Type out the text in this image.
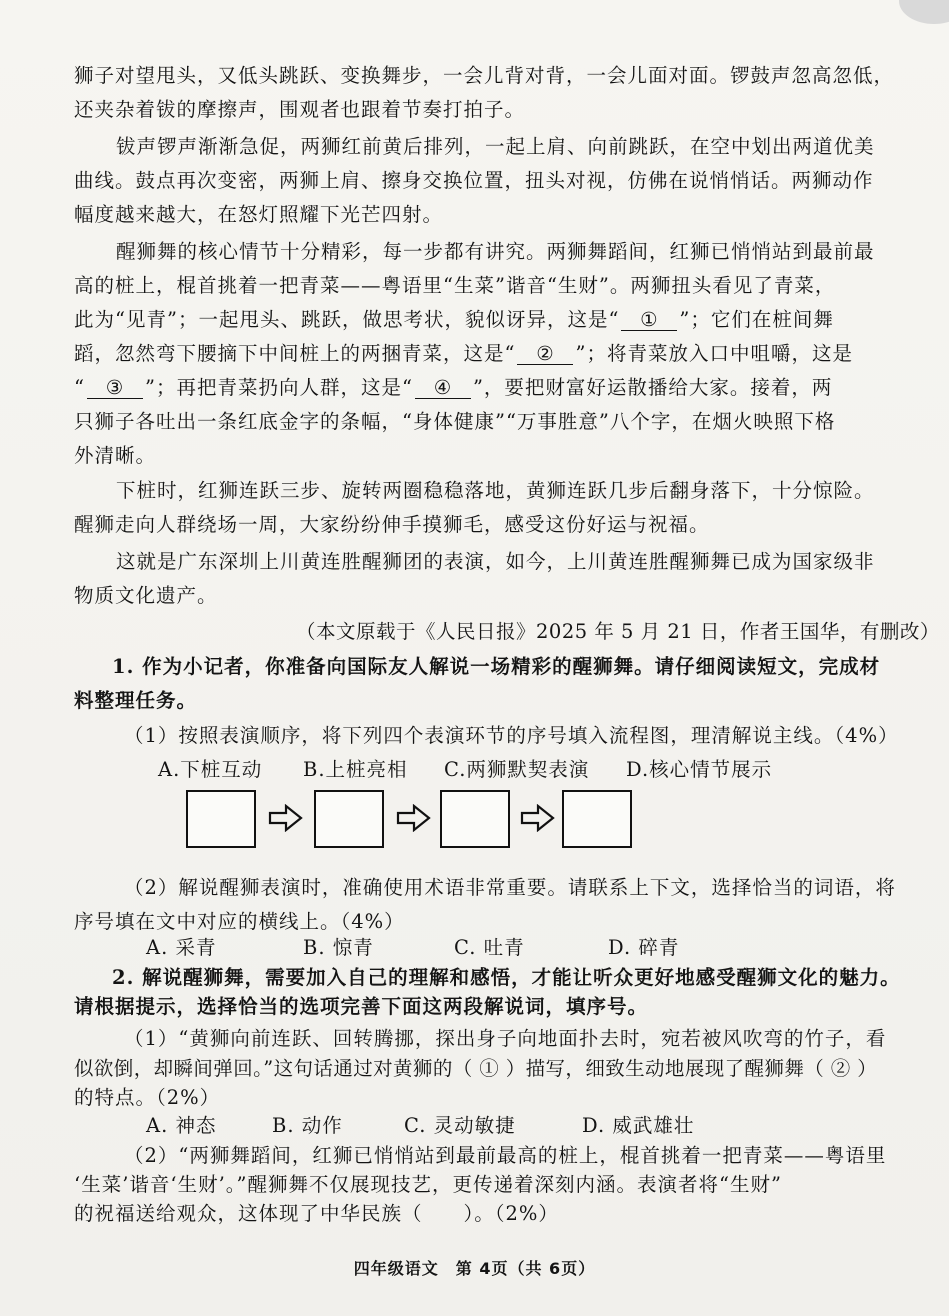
狮子对望甩头，又低头跳跃、变换舞步，一会儿背对背，一会儿面对面。锣鼓声忽高忽低，
还夹杂着钹的摩擦声，围观者也跟着节奏打拍子。
钹声锣声渐渐急促，两狮红前黄后排列，一起上肩、向前跳跃，在空中划出两道优美
曲线。鼓点再次变密，两狮上肩、擦身交换位置，扭头对视，仿佛在说悄悄话。两狮动作
幅度越来越大，在怒灯照耀下光芒四射。
醒狮舞的核心情节十分精彩，每一步都有讲究。两狮舞蹈间，红狮已悄悄站到最前最
高的桩上，棍首挑着一把青菜——粤语里“生菜”谐音“生财”。两狮扭头看见了青菜，
此为“见青”；一起甩头、跳跃，做思考状，貌似讶异，这是“ ① ”；它们在桩间舞
蹈，忽然弯下腰摘下中间桩上的两捆青菜，这是“ ② ”；将青菜放入口中咀嚼，这是
“ ③ ”；再把青菜扔向人群，这是“ ④ ”，要把财富好运散播给大家。接着，两
只狮子各吐出一条红底金字的条幅，“身体健康”“万事胜意”八个字，在烟火映照下格
外清晰。
下桩时，红狮连跃三步、旋转两圈稳稳落地，黄狮连跃几步后翻身落下，十分惊险。
醒狮走向人群绕场一周，大家纷纷伸手摸狮毛，感受这份好运与祝福。
这就是广东深圳上川黄连胜醒狮团的表演，如今，上川黄连胜醒狮舞已成为国家级非
物质文化遗产。
（本文原载于《人民日报》2025 年 5 月 21 日，作者王国华，有删改）
1. 作为小记者，你准备向国际友人解说一场精彩的醒狮舞。请仔细阅读短文，完成材
料整理任务。
（1）按照表演顺序，将下列四个表演环节的序号填入流程图，理清解说主线。（4%）
A.下桩互动 B.上桩亮相 C.两狮默契表演 D.核心情节展示
（2）解说醒狮表演时，准确使用术语非常重要。请联系上下文，选择恰当的词语，将
序号填在文中对应的横线上。（4%）
A. 采青	B. 惊青	C. 吐青	D. 碎青
2. 解说醒狮舞，需要加入自己的理解和感悟，才能让听众更好地感受醒狮文化的魅力。
请根据提示，选择恰当的选项完善下面这两段解说词，填序号。
（1）“黄狮向前连跃、回转腾挪，探出身子向地面扑去时，宛若被风吹弯的竹子，看
似欲倒，却瞬间弹回。”这句话通过对黄狮的（ ① ）描写，细致生动地展现了醒狮舞（ ② ）
的特点。（2%）
A. 神态	B. 动作	C. 灵动敏捷	D. 威武雄壮
（2）“两狮舞蹈间，红狮已悄悄站到最前最高的桩上，棍首挑着一把青菜——粤语里
‘生菜’谐音‘生财’。”醒狮舞不仅展现技艺，更传递着深刻内涵。表演者将“生财”
的祝福送给观众，这体现了中华民族（　　）。（2%）
四年级语文　第 4页（共 6页）
